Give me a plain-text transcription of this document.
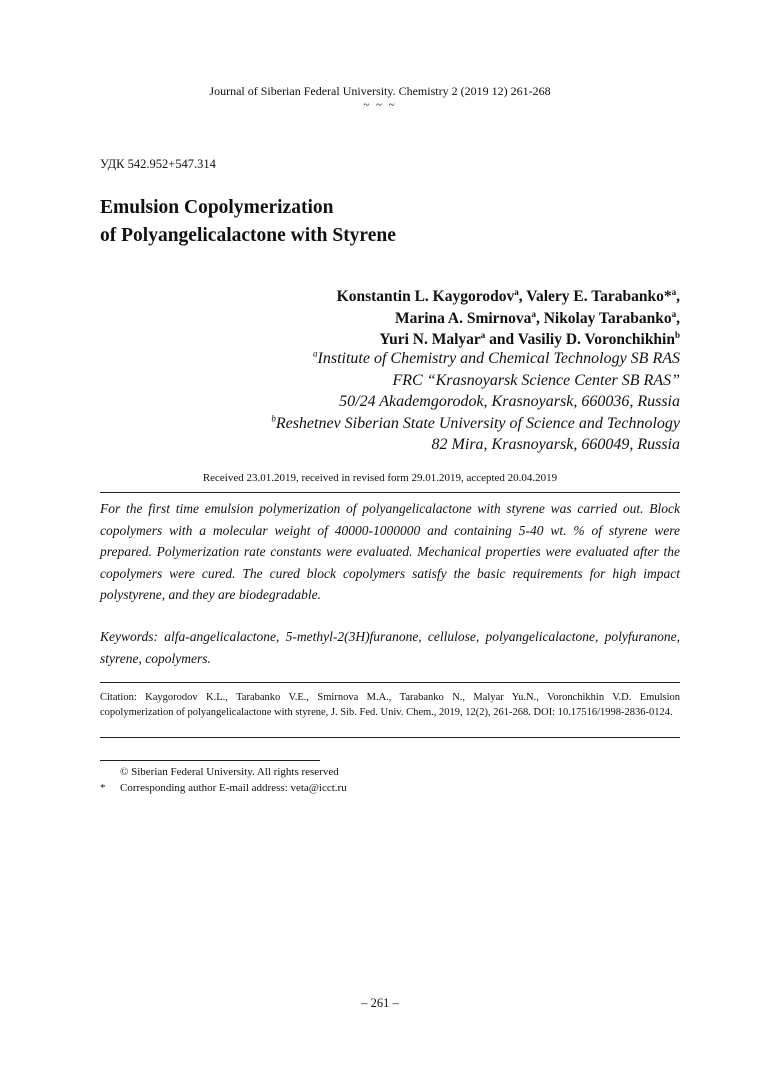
Journal of Siberian Federal University. Chemistry 2 (2019 12) 261-268
~ ~ ~
УДК 542.952+547.314
Emulsion Copolymerization
of Polyangelicalactone with Styrene
Konstantin L. Kaygorodov$^a$, Valery E. Tarabanko*$^a$,
Marina A. Smirnova$^a$, Nikolay Tarabanko$^a$,
Yuri N. Malyar$^a$ and Vasiliy D. Voronchikhin$^b$
$^a$Institute of Chemistry and Chemical Technology SB RAS
FRC “Krasnoyarsk Science Center SB RAS”
50/24 Akademgorodok, Krasnoyarsk, 660036, Russia
$^b$Reshetnev Siberian State University of Science and Technology
82 Mira, Krasnoyarsk, 660049, Russia
Received 23.01.2019, received in revised form 29.01.2019, accepted 20.04.2019
For the first time emulsion polymerization of polyangelicalactone with styrene was carried out. Block copolymers with a molecular weight of 40000-1000000 and containing 5-40 wt. % of styrene were prepared. Polymerization rate constants were evaluated. Mechanical properties were evaluated after the copolymers were cured. The cured block copolymers satisfy the basic requirements for high impact polystyrene, and they are biodegradable.
Keywords: alfa-angelicalactone, 5-methyl-2(3H)furanone, cellulose, polyangelicalactone, polyfuranone, styrene, copolymers.
Citation: Kaygorodov K.L., Tarabanko V.E., Smirnova M.A., Tarabanko N., Malyar Yu.N., Voronchikhin V.D. Emulsion copolymerization of polyangelicalactone with styrene, J. Sib. Fed. Univ. Chem., 2019, 12(2), 261-268. DOI: 10.17516/1998-2836-0124.
© Siberian Federal University. All rights reserved
* Corresponding author E-mail address: veta@icct.ru
– 261 –
